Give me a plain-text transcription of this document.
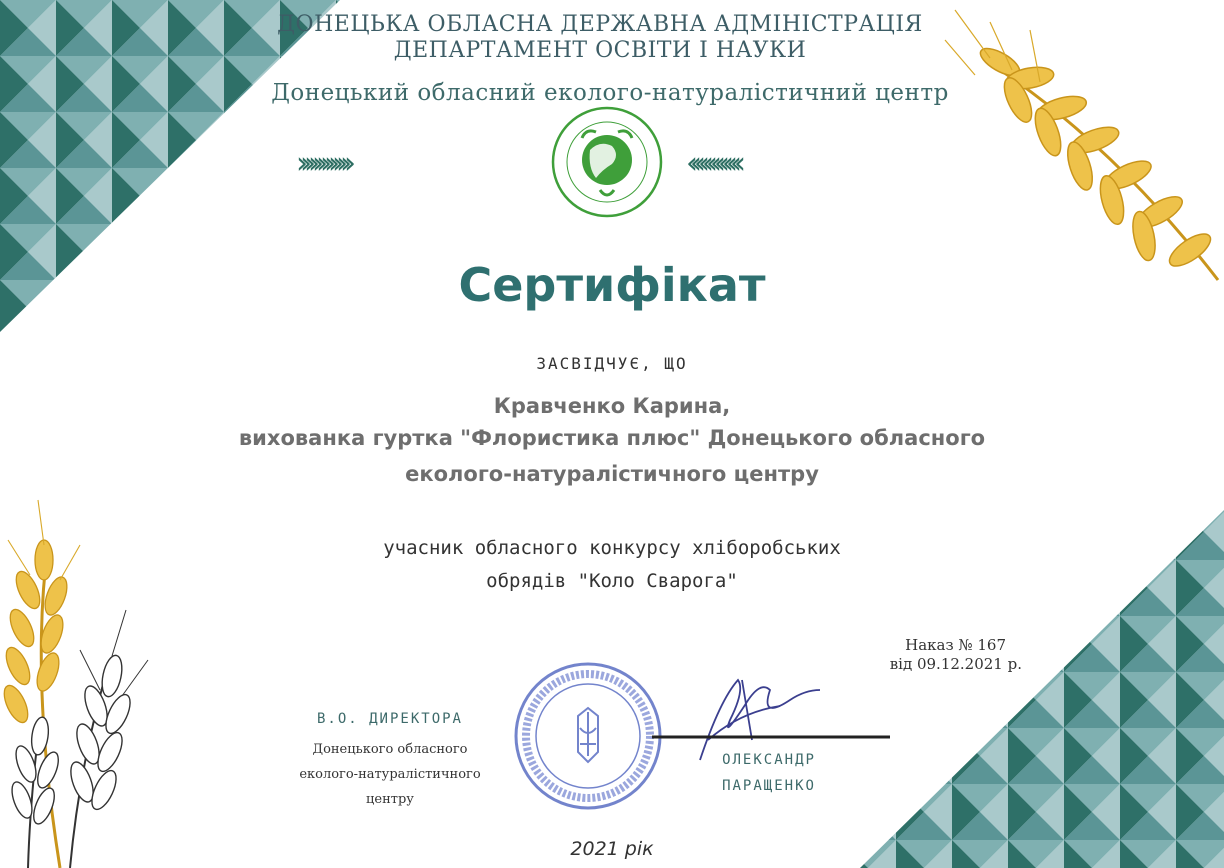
ДОНЕЦЬКА ОБЛАСНА ДЕРЖАВНА АДМІНІСТРАЦІЯ
ДЕПАРТАМЕНТ ОСВІТИ І НАУКИ
Донецький обласний еколого-натуралістичний центр
›››››››››››››	‹‹‹‹‹‹‹‹‹‹‹‹‹
Сертифікат
ЗАСВІДЧУЄ, ЩО
Кравченко Карина,
вихованка гуртка "Флористика плюс" Донецького обласного
еколого-натуралістичного центру
учасник обласного конкурсу хліборобських
обрядів "Коло Сварога"
Наказ № 167
від 09.12.2021 р.
В.О. ДИРЕКТОРА
Донецького обласного
еколого-натуралістичного
центру
ОЛЕКСАНДР
ПАРАЩЕНКО
2021 рік
